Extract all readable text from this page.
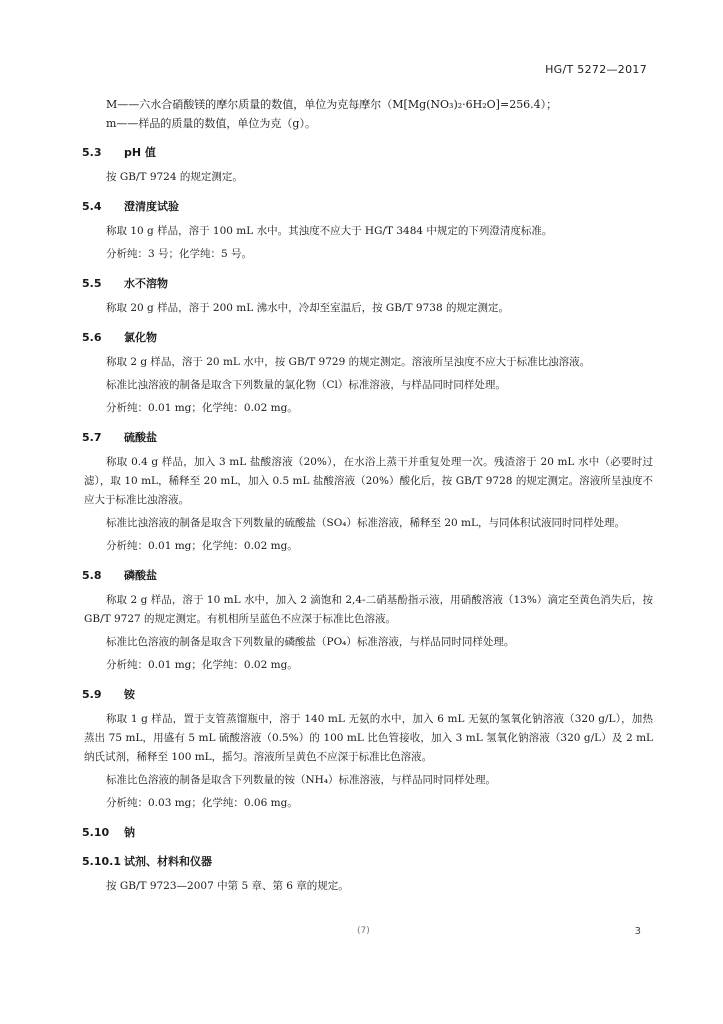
HG/T 5272—2017
M——六水合硝酸镁的摩尔质量的数值，单位为克每摩尔（M[Mg(NO₃)₂·6H₂O]=256.4）；
m——样品的质量的数值，单位为克（g）。
5.3 pH 值
按 GB/T 9724 的规定测定。
5.4 澄清度试验
称取 10 g 样品，溶于 100 mL 水中。其浊度不应大于 HG/T 3484 中规定的下列澄清度标准。
分析纯：3 号；化学纯：5 号。
5.5 水不溶物
称取 20 g 样品，溶于 200 mL 沸水中，冷却至室温后，按 GB/T 9738 的规定测定。
5.6 氯化物
称取 2 g 样品，溶于 20 mL 水中，按 GB/T 9729 的规定测定。溶液所呈浊度不应大于标准比浊溶液。
标准比浊溶液的制备是取含下列数量的氯化物（Cl）标准溶液，与样品同时同样处理。
分析纯：0.01 mg；化学纯：0.02 mg。
5.7 硫酸盐
称取 0.4 g 样品，加入 3 mL 盐酸溶液（20%），在水浴上蒸干并重复处理一次。残渣溶于 20 mL 水中（必要时过滤），取 10 mL，稀释至 20 mL，加入 0.5 mL 盐酸溶液（20%）酸化后，按 GB/T 9728 的规定测定。溶液所呈浊度不应大于标准比浊溶液。
标准比浊溶液的制备是取含下列数量的硫酸盐（SO₄）标准溶液，稀释至 20 mL，与同体积试液同时同样处理。
分析纯：0.01 mg；化学纯：0.02 mg。
5.8 磷酸盐
称取 2 g 样品，溶于 10 mL 水中，加入 2 滴饱和 2,4-二硝基酚指示液，用硝酸溶液（13%）滴定至黄色消失后，按 GB/T 9727 的规定测定。有机相所呈蓝色不应深于标准比色溶液。
标准比色溶液的制备是取含下列数量的磷酸盐（PO₄）标准溶液，与样品同时同样处理。
分析纯：0.01 mg；化学纯：0.02 mg。
5.9 铵
称取 1 g 样品，置于支管蒸馏瓶中，溶于 140 mL 无氨的水中，加入 6 mL 无氨的氢氧化钠溶液（320 g/L），加热蒸出 75 mL，用盛有 5 mL 硫酸溶液（0.5%）的 100 mL 比色管接收，加入 3 mL 氢氧化钠溶液（320 g/L）及 2 mL 纳氏试剂，稀释至 100 mL，摇匀。溶液所呈黄色不应深于标准比色溶液。
标准比色溶液的制备是取含下列数量的铵（NH₄）标准溶液，与样品同时同样处理。
分析纯：0.03 mg；化学纯：0.06 mg。
5.10 钠
5.10.1 试剂、材料和仪器
按 GB/T 9723—2007 中第 5 章、第 6 章的规定。
(7)	3
